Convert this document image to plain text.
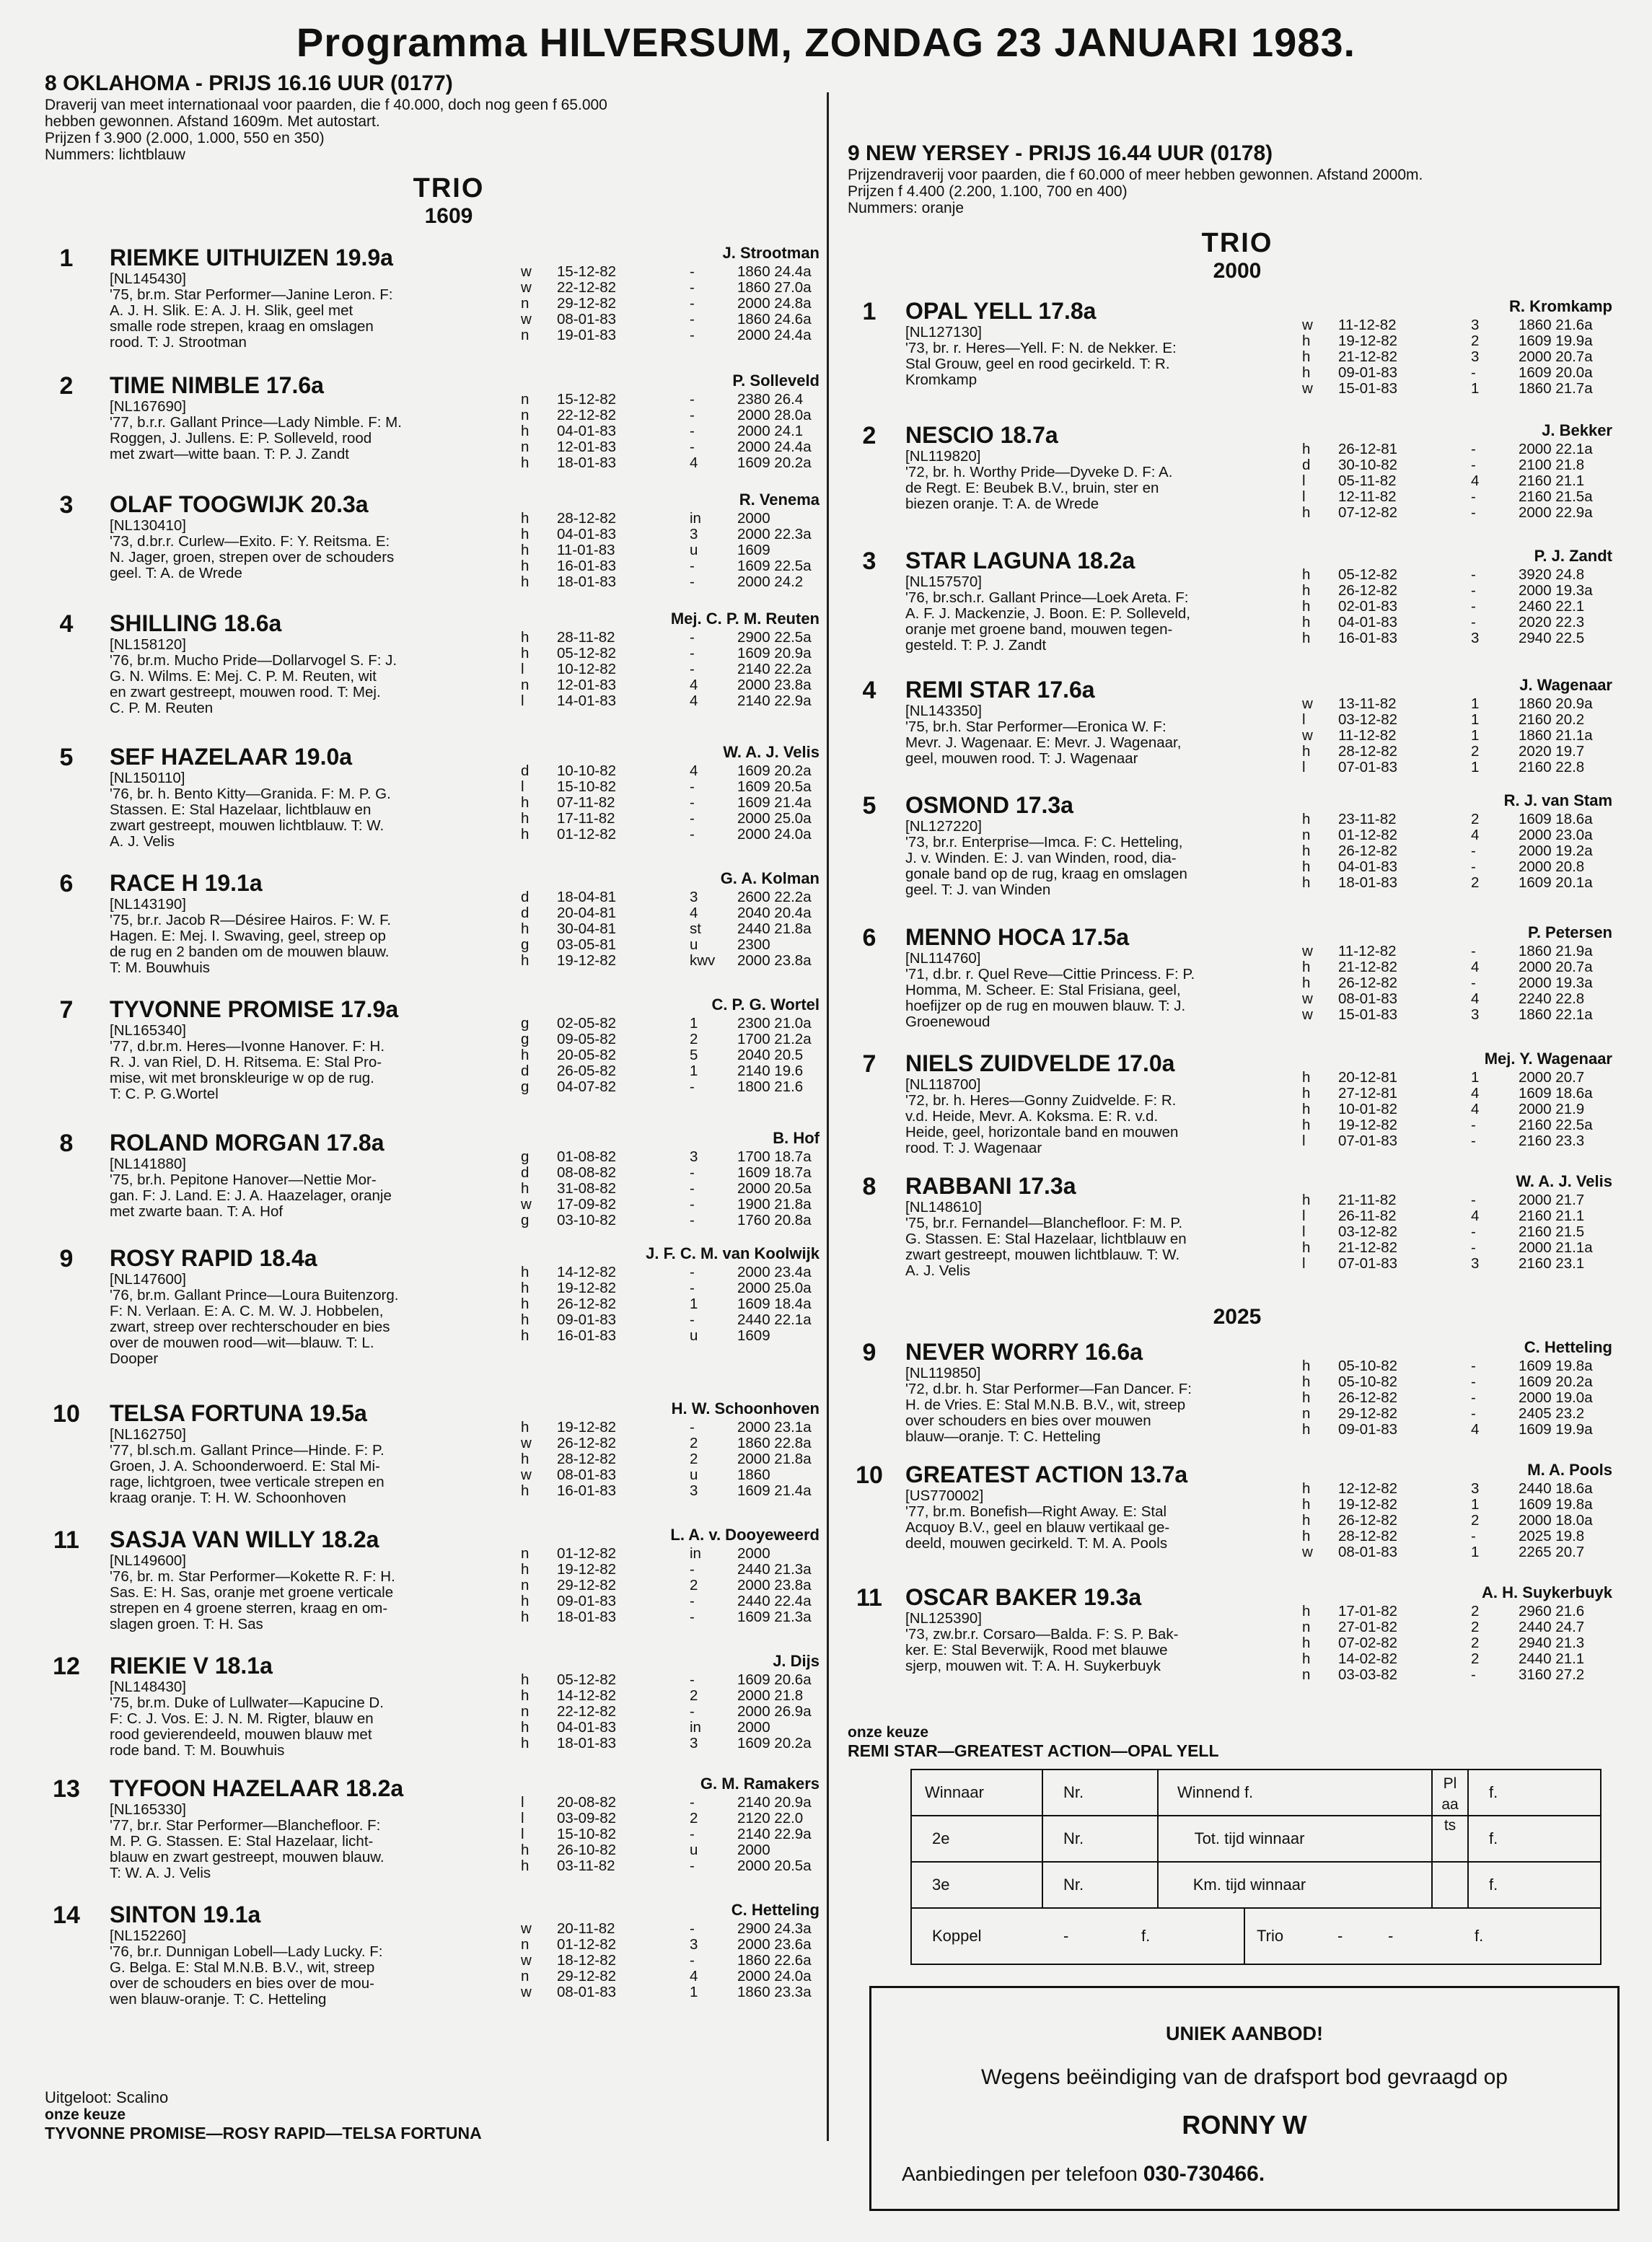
Programma HILVERSUM, ZONDAG 23 JANUARI 1983.
8 OKLAHOMA - PRIJS 16.16 UUR (0177)
Draverij van meet internationaal voor paarden, die f 40.000, doch nog geen f 65.000
hebben gewonnen. Afstand 1609m. Met autostart.
Prijzen f 3.900 (2.000, 1.000, 550 en 350)
Nummers: lichtblauw
TRIO
1609
1	RIEMKE UITHUIZEN 19.9a
[NL145430]
'75, br.m. Star Performer—Janine Leron. F:
A. J. H. Slik. E: A. J. H. Slik, geel met
smalle rode strepen, kraag en omslagen
rood. T: J. Strootman
J. Strootman
w 15-12-82	-	1860 24.4a
w 22-12-82	-	1860 27.0a
n 29-12-82	-	2000 24.8a
w 08-01-83	-	1860 24.6a
n 19-01-83	-	2000 24.4a
2	TIME NIMBLE 17.6a
[NL167690]
'77, b.r.r. Gallant Prince—Lady Nimble. F: M.
Roggen, J. Jullens. E: P. Solleveld, rood
met zwart—witte baan. T: P. J. Zandt
P. Solleveld
n 15-12-82	-	2380 26.4
n 22-12-82	-	2000 28.0a
h 04-01-83	-	2000 24.1
n 12-01-83	-	2000 24.4a
h 18-01-83	4	1609 20.2a
3	OLAF TOOGWIJK 20.3a
[NL130410]
'73, d.br.r. Curlew—Exito. F: Y. Reitsma. E:
N. Jager, groen, strepen over de schouders
geel. T: A. de Wrede
R. Venema
h 28-12-82	in 2000
h 04-01-83	3	2000 22.3a
h 11-01-83	u	1609
h 16-01-83	-	1609 22.5a
h 18-01-83	-	2000 24.2
4	SHILLING 18.6a
[NL158120]
'76, br.m. Mucho Pride—Dollarvogel S. F: J.
G. N. Wilms. E: Mej. C. P. M. Reuten, wit
en zwart gestreept, mouwen rood. T: Mej.
C. P. M. Reuten
Mej. C. P. M. Reuten
h 28-11-82	-	2900 22.5a
h 05-12-82	-	1609 20.9a
l 10-12-82	-	2140 22.2a
n 12-01-83	4	2000 23.8a
l 14-01-83	4	2140 22.9a
5	SEF HAZELAAR 19.0a
[NL150110]
'76, br. h. Bento Kitty—Granida. F: M. P. G.
Stassen. E: Stal Hazelaar, lichtblauw en
zwart gestreept, mouwen lichtblauw. T: W.
A. J. Velis
W. A. J. Velis
d 10-10-82	4	1609 20.2a
l 15-10-82	-	1609 20.5a
h 07-11-82	-	1609 21.4a
h 17-11-82	-	2000 25.0a
h 01-12-82	-	2000 24.0a
6	RACE H 19.1a
[NL143190]
'75, br.r. Jacob R—Désiree Hairos. F: W. F.
Hagen. E: Mej. I. Swaving, geel, streep op
de rug en 2 banden om de mouwen blauw.
T: M. Bouwhuis
G. A. Kolman
d 18-04-81	3	2600 22.2a
d 20-04-81	4	2040 20.4a
h 30-04-81	st 2440 21.8a
g 03-05-81	u	2300
h 19-12-82	kwv 2000 23.8a
7	TYVONNE PROMISE 17.9a
[NL165340]
'77, d.br.m. Heres—Ivonne Hanover. F: H.
R. J. van Riel, D. H. Ritsema. E: Stal Pro-
mise, wit met bronskleurige w op de rug.
T: C. P. G.Wortel
C. P. G. Wortel
g 02-05-82	1	2300 21.0a
g 09-05-82	2	1700 21.2a
h 20-05-82	5	2040 20.5
d 26-05-82	1	2140 19.6
g 04-07-82	-	1800 21.6
8	ROLAND MORGAN 17.8a
[NL141880]
'75, br.h. Pepitone Hanover—Nettie Mor-
gan. F: J. Land. E: J. A. Haazelager, oranje
met zwarte baan. T: A. Hof
B. Hof
g 01-08-82	3	1700 18.7a
d 08-08-82	-	1609 18.7a
h 31-08-82	-	2000 20.5a
w 17-09-82	-	1900 21.8a
g 03-10-82	-	1760 20.8a
9	ROSY RAPID 18.4a
[NL147600]
'76, br.m. Gallant Prince—Loura Buitenzorg.
F: N. Verlaan. E: A. C. M. W. J. Hobbelen,
zwart, streep over rechterschouder en bies
over de mouwen rood—wit—blauw. T: L.
Dooper
J. F. C. M. van Koolwijk
h 14-12-82	-	2000 23.4a
h 19-12-82	-	2000 25.0a
h 26-12-82	1	1609 18.4a
h 09-01-83	-	2440 22.1a
h 16-01-83	u	1609
10	TELSA FORTUNA 19.5a
[NL162750]
'77, bl.sch.m. Gallant Prince—Hinde. F: P.
Groen, J. A. Schoonderwoerd. E: Stal Mi-
rage, lichtgroen, twee verticale strepen en
kraag oranje. T: H. W. Schoonhoven
H. W. Schoonhoven
h 19-12-82	-	2000 23.1a
w 26-12-82	2	1860 22.8a
h 28-12-82	2	2000 21.8a
w 08-01-83	u	1860
h 16-01-83	3	1609 21.4a
11	SASJA VAN WILLY 18.2a
[NL149600]
'76, br. m. Star Performer—Kokette R. F: H.
Sas. E: H. Sas, oranje met groene verticale
strepen en 4 groene sterren, kraag en om-
slagen groen. T: H. Sas
L. A. v. Dooyeweerd
n 01-12-82	in 2000
h 19-12-82	-	2440 21.3a
n 29-12-82	2	2000 23.8a
h 09-01-83	-	2440 22.4a
h 18-01-83	-	1609 21.3a
12	RIEKIE V 18.1a
[NL148430]
'75, br.m. Duke of Lullwater—Kapucine D.
F: C. J. Vos. E: J. N. M. Rigter, blauw en
rood gevierendeeld, mouwen blauw met
rode band. T: M. Bouwhuis
J. Dijs
h 05-12-82	-	1609 20.6a
h 14-12-82	2	2000 21.8
n 22-12-82	-	2000 26.9a
h 04-01-83	in 2000
h 18-01-83	3	1609 20.2a
13	TYFOON HAZELAAR 18.2a
[NL165330]
'77, br.r. Star Performer—Blanchefloor. F:
M. P. G. Stassen. E: Stal Hazelaar, licht-
blauw en zwart gestreept, mouwen blauw.
T: W. A. J. Velis
G. M. Ramakers
l 20-08-82	-	2140 20.9a
l 03-09-82	2	2120 22.0
l 15-10-82	-	2140 22.9a
h 26-10-82	u	2000
h 03-11-82	-	2000 20.5a
14	SINTON 19.1a
[NL152260]
'76, br.r. Dunnigan Lobell—Lady Lucky. F:
G. Belga. E: Stal M.N.B. B.V., wit, streep
over de schouders en bies over de mou-
wen blauw-oranje. T: C. Hetteling
C. Hetteling
w 20-11-82	-	2900 24.3a
n 01-12-82	3	2000 23.6a
w 18-12-82	-	1860 22.6a
n 29-12-82	4	2000 24.0a
w 08-01-83	1	1860 23.3a
9 NEW YERSEY - PRIJS 16.44 UUR (0178)
Prijzendraverij voor paarden, die f 60.000 of meer hebben gewonnen. Afstand 2000m.
Prijzen f 4.400 (2.200, 1.100, 700 en 400)
Nummers: oranje
TRIO
2000
2025
1	OPAL YELL 17.8a
[NL127130]
'73, br. r. Heres—Yell. F: N. de Nekker. E:
Stal Grouw, geel en rood gecirkeld. T: R.
Kromkamp
R. Kromkamp
w 11-12-82	3	1860 21.6a
h 19-12-82	2	1609 19.9a
h 21-12-82	3	2000 20.7a
h 09-01-83	-	1609 20.0a
w 15-01-83	1	1860 21.7a
2	NESCIO 18.7a
[NL119820]
'72, br. h. Worthy Pride—Dyveke D. F: A.
de Regt. E: Beubek B.V., bruin, ster en
biezen oranje. T: A. de Wrede
J. Bekker
h 26-12-81	-	2000 22.1a
d 30-10-82	-	2100 21.8
l 05-11-82	4	2160 21.1
l 12-11-82	-	2160 21.5a
h 07-12-82	-	2000 22.9a
3	STAR LAGUNA 18.2a
[NL157570]
'76, br.sch.r. Gallant Prince—Loek Areta. F:
A. F. J. Mackenzie, J. Boon. E: P. Solleveld,
oranje met groene band, mouwen tegen-
gesteld. T: P. J. Zandt
P. J. Zandt
h 05-12-82	-	3920 24.8
h 26-12-82	-	2000 19.3a
h 02-01-83	-	2460 22.1
h 04-01-83	-	2020 22.3
h 16-01-83	3	2940 22.5
4	REMI STAR 17.6a
[NL143350]
'75, br.h. Star Performer—Eronica W. F:
Mevr. J. Wagenaar. E: Mevr. J. Wagenaar,
geel, mouwen rood. T: J. Wagenaar
J. Wagenaar
w 13-11-82	1	1860 20.9a
l 03-12-82	1	2160 20.2
w 11-12-82	1	1860 21.1a
h 28-12-82	2	2020 19.7
l 07-01-83	1	2160 22.8
5	OSMOND 17.3a
[NL127220]
'73, br.r. Enterprise—Imca. F: C. Hetteling,
J. v. Winden. E: J. van Winden, rood, dia-
gonale band op de rug, kraag en omslagen
geel. T: J. van Winden
R. J. van Stam
h 23-11-82	2	1609 18.6a
n 01-12-82	4	2000 23.0a
h 26-12-82	-	2000 19.2a
h 04-01-83	-	2000 20.8
h 18-01-83	2	1609 20.1a
6	MENNO HOCA 17.5a
[NL114760]
'71, d.br. r. Quel Reve—Cittie Princess. F: P.
Homma, M. Scheer. E: Stal Frisiana, geel,
hoefijzer op de rug en mouwen blauw. T: J.
Groenewoud
P. Petersen
w 11-12-82	-	1860 21.9a
h 21-12-82	4	2000 20.7a
h 26-12-82	-	2000 19.3a
w 08-01-83	4	2240 22.8
w 15-01-83	3	1860 22.1a
7	NIELS ZUIDVELDE 17.0a
[NL118700]
'72, br. h. Heres—Gonny Zuidvelde. F: R.
v.d. Heide, Mevr. A. Koksma. E: R. v.d.
Heide, geel, horizontale band en mouwen
rood. T: J. Wagenaar
Mej. Y. Wagenaar
h 20-12-81	1	2000 20.7
h 27-12-81	4	1609 18.6a
h 10-01-82	4	2000 21.9
h 19-12-82	-	2160 22.5a
l 07-01-83	-	2160 23.3
8	RABBANI 17.3a
[NL148610]
'75, br.r. Fernandel—Blanchefloor. F: M. P.
G. Stassen. E: Stal Hazelaar, lichtblauw en
zwart gestreept, mouwen lichtblauw. T: W.
A. J. Velis
W. A. J. Velis
h 21-11-82	-	2000 21.7
l 26-11-82	4	2160 21.1
l 03-12-82	-	2160 21.5
h 21-12-82	-	2000 21.1a
l 07-01-83	3	2160 23.1
9	NEVER WORRY 16.6a
[NL119850]
'72, d.br. h. Star Performer—Fan Dancer. F:
H. de Vries. E: Stal M.N.B. B.V., wit, streep
over schouders en bies over mouwen
blauw—oranje. T: C. Hetteling
C. Hetteling
h 05-10-82	-	1609 19.8a
h 05-10-82	-	1609 20.2a
h 26-12-82	-	2000 19.0a
n 29-12-82	-	2405 23.2
h 09-01-83	4	1609 19.9a
10 GREATEST ACTION 13.7a
[US770002]
'77, br.m. Bonefish—Right Away. E: Stal
Acquoy B.V., geel en blauw vertikaal ge-
deeld, mouwen gecirkeld. T: M. A. Pools
M. A. Pools
h 12-12-82	3	2440 18.6a
h 19-12-82	1	1609 19.8a
h 26-12-82	2	2000 18.0a
h 28-12-82	-	2025 19.8
w 08-01-83	1	2265 20.7
11	OSCAR BAKER 19.3a
[NL125390]
'73, zw.br.r. Corsaro—Balda. F: S. P. Bak-
ker. E: Stal Beverwijk, Rood met blauwe
sjerp, mouwen wit. T: A. H. Suykerbuyk
A. H. Suykerbuyk
h 17-01-82	2	2960 21.6
n 27-01-82	2	2440 24.7
h 07-02-82	2	2940 21.3
h 14-02-82	2	2440 21.1
n 03-03-82	-	3160 27.2
Uitgeloot: Scalino
onze keuze
TYVONNE PROMISE—ROSY RAPID—TELSA FORTUNA
onze keuze
REMI STAR—GREATEST ACTION—OPAL YELL
Winnaar	Nr.	Winnend f.	f.
2e	Nr.	Tot. tijd winnaar	f.
3e	Nr.	Km. tijd winnaar	f.
Koppel	-	f.	Trio	-	-	f.
Plaats
UNIEK AANBOD!
Wegens beëindiging van de drafsport bod gevraagd op
RONNY W
Aanbiedingen per telefoon 030-730466.
